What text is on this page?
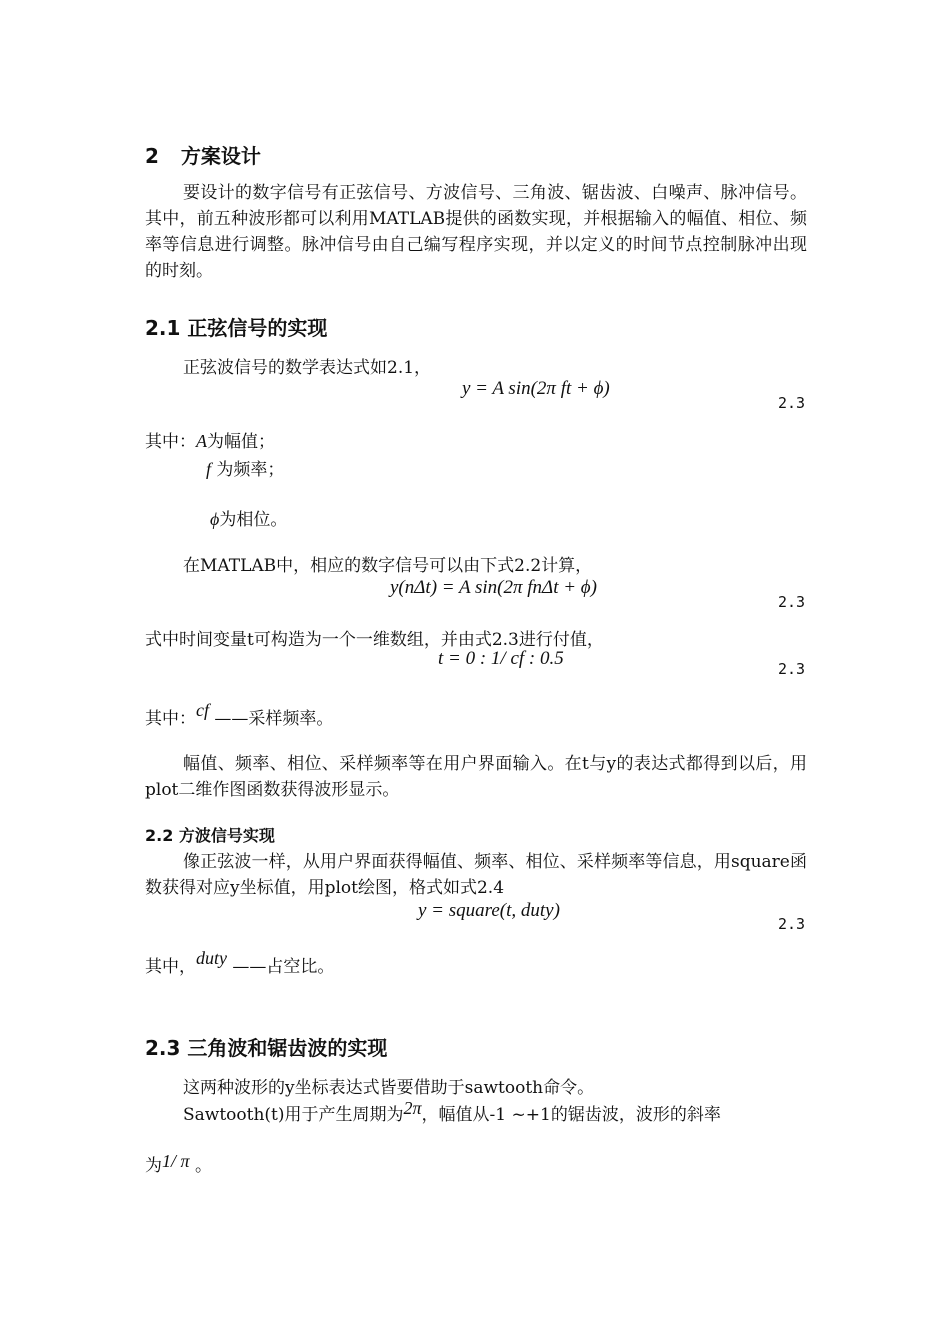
2 方案设计
要设计的数字信号有正弦信号、方波信号、三角波、锯齿波、白噪声、脉冲信号。其中，前五种波形都可以利用MATLAB提供的函数实现，并根据输入的幅值、相位、频率等信息进行调整。脉冲信号由自己编写程序实现，并以定义的时间节点控制脉冲出现的时刻。
2.1 正弦信号的实现
正弦波信号的数学表达式如2.1，
y = A sin(2π ft + ϕ)
2.3
其中：A为幅值；
f 为频率；
ϕ为相位。
在MATLAB中，相应的数字信号可以由下式2.2计算，
y(nΔt) = A sin(2π fnΔt + ϕ)
2.3
式中时间变量t可构造为一个一维数组，并由式2.3进行付值，
t = 0 : 1/ cf : 0.5	2.3
其中：cf ——采样频率。
幅值、频率、相位、采样频率等在用户界面输入。在t与y的表达式都得到以后，用plot二维作图函数获得波形显示。
2.2 方波信号实现
像正弦波一样，从用户界面获得幅值、频率、相位、采样频率等信息，用square函数获得对应y坐标值，用plot绘图，格式如式2.4
y = square(t, duty)
2.3
其中，duty ——占空比。
2.3 三角波和锯齿波的实现
这两种波形的y坐标表达式皆要借助于sawtooth命令。
Sawtooth(t)用于产生周期为2π，幅值从-1 ~+1的锯齿波，波形的斜率
为1/ π 。
